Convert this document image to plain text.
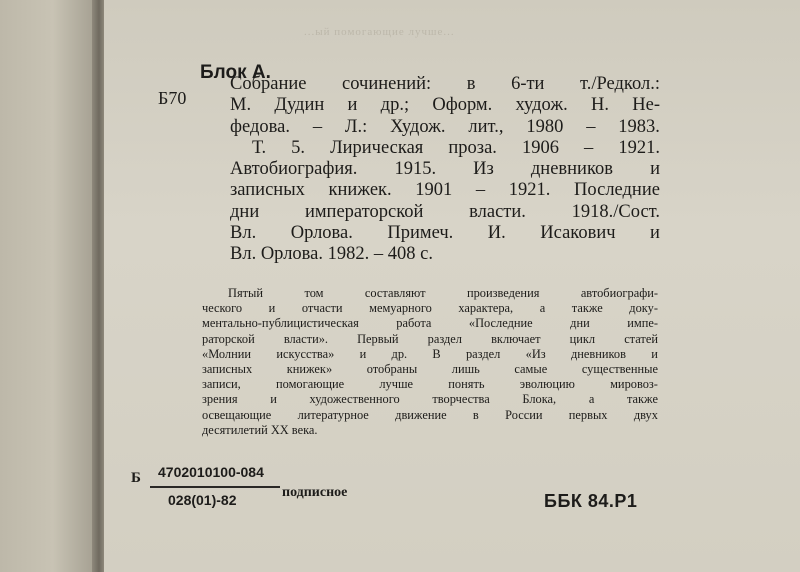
...ый помогающие лучше...
Блок А.
Б70
Собрание сочинений: в 6-ти т./Редкол.:
М. Дудин и др.; Оформ. худож. Н. Не-
федова. – Л.: Худож. лит., 1980 – 1983.
Т. 5. Лирическая проза. 1906 – 1921.
Автобиография. 1915. Из дневников и
записных книжек. 1901 – 1921. Последние
дни императорской власти. 1918./Сост.
Вл. Орлова. Примеч. И. Исакович и
Вл. Орлова. 1982. – 408 с.
Пятый	том	составляют	произведения	автобиографи-
ческого и отчасти мемуарного характера, а также доку-
ментально-публицистическая	работа	«Последние	дни	импе-
раторской власти». Первый раздел включает цикл статей
«Молнии искусства» и др. В раздел «Из дневников и
записных	книжек»	отобраны	лишь	самые	существенные
записи,	помогающие	лучше	понять	эволюцию	мировоз-
зрения	и	художественного	творчества	Блока,	а	также
освещающие литературное движение в России первых двух
десятилетий XX века.
Б 4702010100-084
028(01)-82	подписное	ББК 84.Р1
